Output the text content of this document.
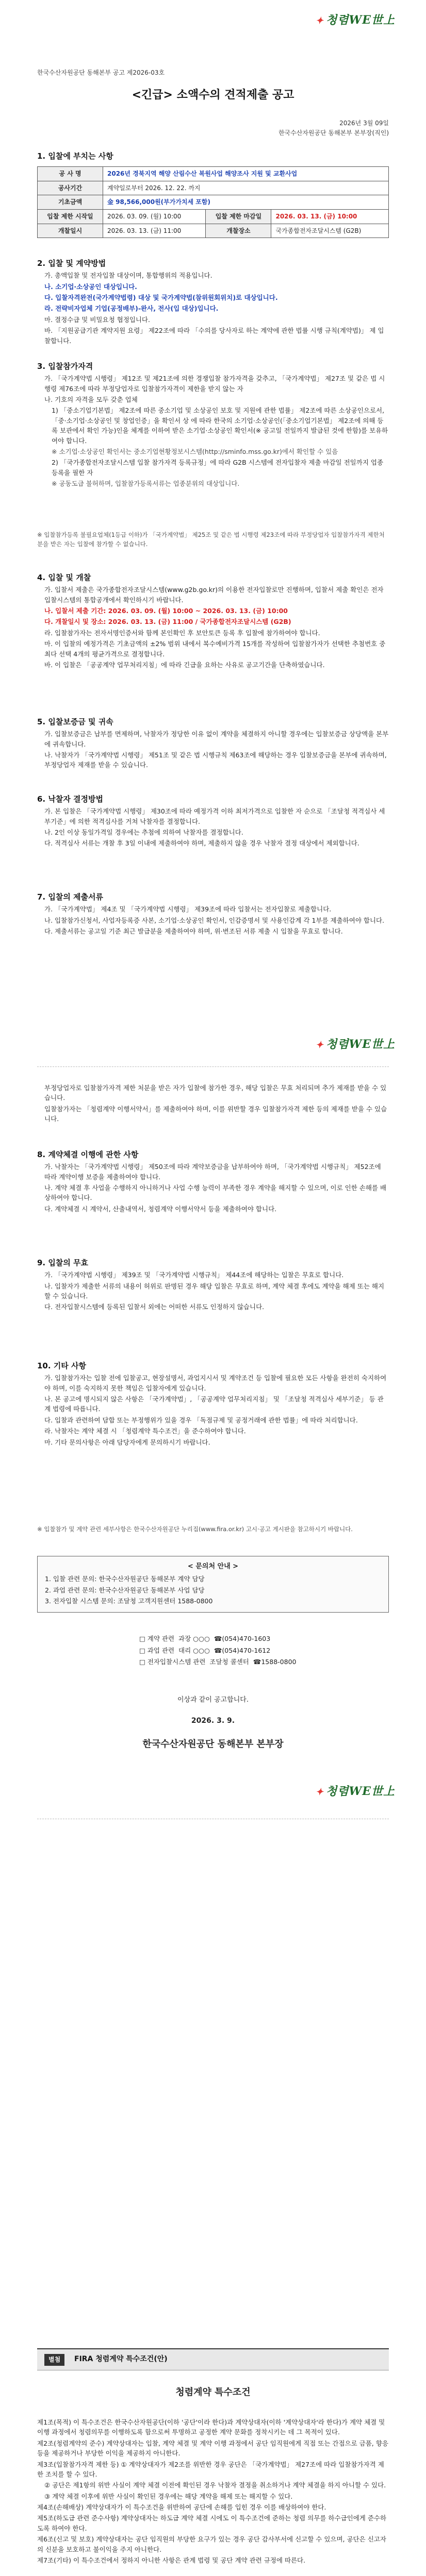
✦ 청렴WE世上
한국수산자원공단 동해본부 공고 제2026-03호
<긴급> 소액수의 견적제출 공고
2026년 3월 09일
한국수산자원공단 동해본부 본부장(직인)
1. 입찰에 부치는 사항
공 사 명	2026년 경북지역 해양 산림수산 복원사업 해양조사 지원 및 교환사업		
공사기간	계약일로부터 2026. 12. 22. 까지		
기초금액	金 98,566,000원(부가가치세 포함)		
입찰 제한 시작일	2026. 03. 09. (월) 10:00	입찰 제한 마감일	2026. 03. 13. (금) 10:00
개찰일시	2026. 03. 13. (금) 11:00	개찰장소	국가종합전자조달시스템 (G2B)
2. 입찰 및 계약방법

가. 총액입찰 및 전자입찰 대상이며, 통합행위의 적용입니다.

나. 소기업·소상공인 대상입니다.

다. 입찰자격완전(국가계약법령) 대상 및 국가계약법(참위원회위치)로 대상입니다.

라. 전략비자업체 기업(공정배부)-완사, 전사(입 대상)입니다.

마. 결정수급 및 비밀요청 협정입니다.

바. 「지원공급기관 계약지원 요령」 제22조에 따라 「수의를 당사자로 하는 계약에 관한 법률 시행 규칙(계약법)」 제 입찰합니다.

3. 입찰참가자격

가. 「국가계약법 시행령」 제12조 및 제21조에 의한 경쟁입찰 참가자격을 갖추고, 「국가계약법」 제27조 및 같은 법 시행령 제76조에 따라 부정당업자로 입찰참가자격이 제한을 받지 않는 자

나. 기호의 자격을 모두 갖춘 업체

1) 「중소기업기본법」 제2조에 따른 중소기업 및 소상공인 보호 및 지원에 관한 법률」 제2조에 따른 소상공인으로서, 「중·소기업·소상공인 및 창업인증」을 확인서 상 에 따라 한국의 소기업·소상공인(「중소기업기본법」 제2조에 의해 등록 보관에서 확인 가능)인을 체계를 이하여 받은 소기업·소상공인 확인서(※ 공고일 전일까지 발급된 것에 한함)를 보유하여야 합니다.

※ 소기업·소상공인 확인서는 중소기업현황정보시스템(http://sminfo.mss.go.kr)에서 확인할 수 있음

2) 「국가종합전자조달시스템 입찰 참가자격 등록규정」에 따라 G2B 시스템에 전자입찰자 제출 마감일 전일까지 업종 등록을 필한 자

※ 공동도급 불허하며, 입찰참가등록서류는 업종분위의 대상입니다.

※ 입찰참가등록 불필요업체(1등급 이하)가 「국가계약법」 제25조 및 같은 법 시행령 제23조에 따라 부정당업자 입찰참가자격 제한처분을 받은 자는 입찰에 참가할 수 없습니다.
4. 입찰 및 개찰

가. 입찰서 제출은 국가종합전자조달시스템(www.g2b.go.kr)의 이용한 전자입찰로만 진행하며, 입찰서 제출 확인은 전자입찰시스템의 통합공개에서 확인하시기 바랍니다.

나. 입찰서 제출 기간: 2026. 03. 09. (월) 10:00 ~ 2026. 03. 13. (금) 10:00

다. 개찰일시 및 장소: 2026. 03. 13. (금) 11:00 / 국가종합전자조달시스템 (G2B)

라. 입찰참가자는 전자서명인증서와 함께 본인확인 후 보안토큰 등록 후 입찰에 참가하여야 합니다.

마. 이 입찰의 예정가격은 기초금액의 ±2% 범위 내에서 복수예비가격 15개를 작성하여 입찰참가자가 선택한 추첨번호 중 최다 선택 4개의 평균가격으로 결정합니다.

바. 이 입찰은 「공공계약 업무처리지침」에 따라 긴급을 요하는 사유로 공고기간을 단축하였습니다.

5. 입찰보증금 및 귀속

가. 입찰보증금은 납부를 면제하며, 낙찰자가 정당한 이유 없이 계약을 체결하지 아니할 경우에는 입찰보증금 상당액을 본부에 귀속합니다.

나. 낙찰자가 「국가계약법 시행령」 제51조 및 같은 법 시행규칙 제63조에 해당하는 경우 입찰보증금을 본부에 귀속하며, 부정당업자 제재를 받을 수 있습니다.

6. 낙찰자 결정방법

가. 본 입찰은 「국가계약법 시행령」 제30조에 따라 예정가격 이하 최저가격으로 입찰한 자 순으로 「조달청 적격심사 세부기준」에 의한 적격심사를 거쳐 낙찰자를 결정합니다.

나. 2인 이상 동일가격일 경우에는 추첨에 의하여 낙찰자를 결정합니다.

다. 적격심사 서류는 개찰 후 3일 이내에 제출하여야 하며, 제출하지 않을 경우 낙찰자 결정 대상에서 제외합니다.

7. 입찰의 제출서류

가. 「국가계약법」 제4조 및 「국가계약법 시행령」 제39조에 따라 입찰서는 전자입찰로 제출합니다.

나. 입찰참가신청서, 사업자등록증 사본, 소기업·소상공인 확인서, 인감증명서 및 사용인감계 각 1부를 제출하여야 합니다.

다. 제출서류는 공고일 기준 최근 발급분을 제출하여야 하며, 위·변조된 서류 제출 시 입찰을 무효로 합니다.

✦ 청렴WE世上

부정당업자로 입찰참가자격 제한 처분을 받은 자가 입찰에 참가한 경우, 해당 입찰은 무효 처리되며 추가 제재를 받을 수 있습니다.

입찰참가자는 「청렴계약 이행서약서」를 제출하여야 하며, 이를 위반할 경우 입찰참가자격 제한 등의 제재를 받을 수 있습니다.

8. 계약체결 이행에 관한 사항

가. 낙찰자는 「국가계약법 시행령」 제50조에 따라 계약보증금을 납부하여야 하며, 「국가계약법 시행규칙」 제52조에 따라 계약이행 보증을 제출하여야 합니다.

나. 계약 체결 후 사업을 수행하지 아니하거나 사업 수행 능력이 부족한 경우 계약을 해지할 수 있으며, 이로 인한 손해를 배상하여야 합니다.

다. 계약체결 시 계약서, 산출내역서, 청렴계약 이행서약서 등을 제출하여야 합니다.

9. 입찰의 무효

가. 「국가계약법 시행령」 제39조 및 「국가계약법 시행규칙」 제44조에 해당하는 입찰은 무효로 합니다.

나. 입찰자가 제출한 서류의 내용이 허위로 판명된 경우 해당 입찰은 무효로 하며, 계약 체결 후에도 계약을 해제 또는 해지할 수 있습니다.

다. 전자입찰시스템에 등록된 입찰서 외에는 어떠한 서류도 인정하지 않습니다.

10. 기타 사항

가. 입찰참가자는 입찰 전에 입찰공고, 현장설명서, 과업지시서 및 계약조건 등 입찰에 필요한 모든 사항을 완전히 숙지하여야 하며, 이를 숙지하지 못한 책임은 입찰자에게 있습니다.

나. 본 공고에 명시되지 않은 사항은 「국가계약법」, 「공공계약 업무처리지침」 및 「조달청 적격심사 세부기준」 등 관계 법령에 따릅니다.

다. 입찰과 관련하여 담합 또는 부정행위가 있을 경우 「독점규제 및 공정거래에 관한 법률」에 따라 처리합니다.

라. 낙찰자는 계약 체결 시 「청렴계약 특수조건」을 준수하여야 합니다.

마. 기타 문의사항은 아래 담당자에게 문의하시기 바랍니다.

※ 입찰참가 및 계약 관련 세부사항은 한국수산자원공단 누리집(www.fira.or.kr) 고시·공고 게시판을 참고하시기 바랍니다.
< 문의처 안내 >

1. 입찰 관련 문의: 한국수산자원공단 동해본부 계약 담당

2. 과업 관련 문의: 한국수산자원공단 동해본부 사업 담당

3. 전자입찰 시스템 문의: 조달청 고객지원센터 1588-0800

□ 계약 관련 과장 ○○○ ☎(054)470-1603
□ 과업 관련 대리 ○○○ ☎(054)470-1612
□ 전자입찰시스템 관련 조달청 콜센터 ☎1588-0800
이상과 같이 공고합니다.
2026. 3. 9.
한국수산자원공단 동해본부 본부장
✦ 청렴WE世上
별첨	FIRA 청렴계약 특수조건(안)
청렴계약 특수조건

제1조(목적) 이 특수조건은 한국수산자원공단(이하 '공단'이라 한다)과 계약상대자(이하 '계약상대자'라 한다)가 계약 체결 및 이행 과정에서 청렴의무를 이행하도록 함으로써 투명하고 공정한 계약 문화를 정착시키는 데 그 목적이 있다.

제2조(청렴계약의 준수) 계약상대자는 입찰, 계약 체결 및 계약 이행 과정에서 공단 임직원에게 직접 또는 간접으로 금품, 향응 등을 제공하거나 부당한 이익을 제공하지 아니한다.

제3조(입찰참가자격 제한 등) ① 계약상대자가 제2조를 위반한 경우 공단은 「국가계약법」 제27조에 따라 입찰참가자격 제한 조치를 할 수 있다.

② 공단은 제1항의 위반 사실이 계약 체결 이전에 확인된 경우 낙찰자 결정을 취소하거나 계약 체결을 하지 아니할 수 있다.

③ 계약 체결 이후에 위반 사실이 확인된 경우에는 해당 계약을 해제 또는 해지할 수 있다.

제4조(손해배상) 계약상대자가 이 특수조건을 위반하여 공단에 손해를 입힌 경우 이를 배상하여야 한다.

제5조(하도급 관련 준수사항) 계약상대자는 하도급 계약 체결 시에도 이 특수조건에 준하는 청렴 의무를 하수급인에게 준수하도록 하여야 한다.

제6조(신고 및 보호) 계약상대자는 공단 임직원의 부당한 요구가 있는 경우 공단 감사부서에 신고할 수 있으며, 공단은 신고자의 신분을 보호하고 불이익을 주지 아니한다.

제7조(기타) 이 특수조건에서 정하지 아니한 사항은 관계 법령 및 공단 계약 관련 규정에 따른다.
